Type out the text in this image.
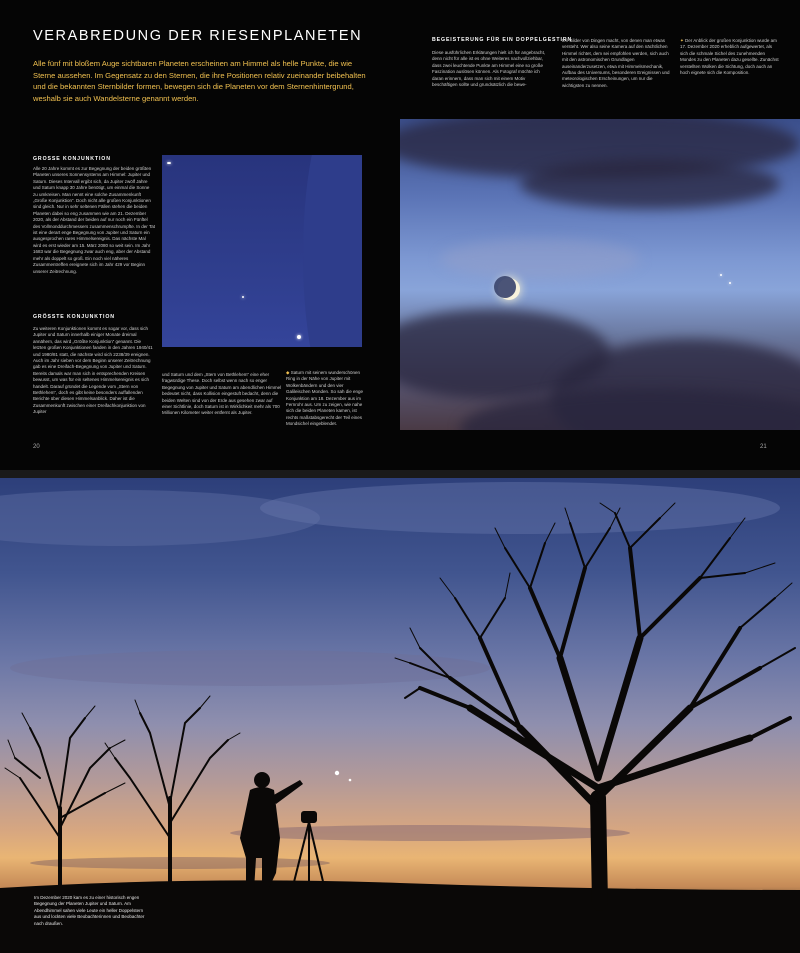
VERABREDUNG DER RIESENPLANETEN

Alle fünf mit bloßem Auge sichtbaren Planeten erscheinen am Himmel als helle Punkte, die wie Sterne aussehen. Im Gegensatz zu den Sternen, die ihre Positionen relativ zueinander beibehalten und die bekannten Sternbilder formen, bewegen sich die Planeten vor dem Sternenhintergrund, weshalb sie auch Wandelsterne genannt werden.

GROSSE KONJUNKTION

Alle 20 Jahre kommt es zur Begegnung der beiden größten Planeten unseres Sonnensystems am Himmel: Jupiter und Saturn. Dieses Intervall ergibt sich, da Jupiter zwölf Jahre und Saturn knapp 30 Jahre benötigt, um einmal die Sonne zu umkreisen. Man nennt eine solche Zusammenkunft „Große Konjunktion“. Doch nicht alle großen Konjunktionen sind gleich. Nur in sehr seltenen Fällen stehen die beiden Planeten dabei so eng zusammen wie am 21. Dezember 2020, als der Abstand der beiden auf nur noch ein Fünftel des Vollmonddurchmessers zusammenschrumpfte. In der Tat ist eine derart enge Begegnung von Jupiter und Saturn ein ausgesprochen rares Himmelsereignis. Das nächste Mal wird es erst wieder am 15. März 2080 so weit sein. Im Jahr 1683 war die Begegnung zwar auch eng, aber der Abstand mehr als doppelt so groß. Ein noch viel näheres Zusammentreffen ereignete sich im Jahr 429 vor Beginn unserer Zeitrechnung.

GRÖSSTE KONJUNKTION

Zu weiteren Konjunktionen kommt es sogar vor, dass sich Jupiter und Saturn innerhalb einiger Monate dreimal annähern, das wird „Größte Konjunktion“ genannt. Die letzten großen Konjunktionen fanden in den Jahren 1940/41 und 1980/81 statt, die nächste wird sich 2238/39 ereignen. Auch im Jahr sieben vor dem Beginn unserer Zeitrechnung gab es eine Dreifach-Begegnung von Jupiter und Saturn. Bereits damals war man sich in entsprechenden Kreisen bewusst, um was für ein seltenes Himmelsereignis es sich handelt. Darauf gründet die Legende vom „Stern von Bethlehem“, doch es gibt keine besonders auffallenden Berichte über diesen Himmelsanblick. Daher ist die Zusammenkunft zwischen einer Dreifachkonjunktion von Jupiter

und Saturn und dem „Stern von Bethlehem“ eine eher fragwürdige These. Doch selbst wenn nach so enger Begegnung von Jupiter und Saturn am abendlichen Himmel bedeutet nicht, dass Kollision eingestuft bedacht, denn die beiden Welten sind von der Erde aus gesehen zwar auf einer Sichtlinie, doch Saturn ist in Wirklichkeit mehr als 700 Millionen Kilometer weiter entfernt als Jupiter.

◆ Saturn mit seinem wunderschönen Ring in der Nähe von Jupiter mit Wolkenbändern und den vier Galileischen Monden. So sah die enge Konjunktion am 18. Dezember aus im Fernrohr aus. Um zu zeigen, wie nahe sich die beiden Planeten kamen, ist rechts maßstabsgerecht der Teil eines Mondsichel eingeblendet.

BEGEISTERUNG FÜR EIN DOPPELGESTIRN

Diese ausführlichen Erklärungen hielt ich für angebracht, denn nicht für alle ist es ohne Weiteres nachvollziehbar, dass zwei leuchtende Punkte am Himmel eine so große Faszination auslösen können. Als Fotograf möchte ich daran erinnern, dass man sich mit einem Motiv beschäftigen sollte und grundsätzlich die bewe-

ten Bilder von Dingen macht, von denen man etwas versteht. Wer also seine Kamera auf den nächtlichen Himmel richtet, dem sei empfohlen werden, sich auch mit den astronomischen Grundlagen auseinanderzusetzen, etwa mit Himmelsmechanik, Aufbau des Universums, besonderen Ereignissen und meteorologischen Erscheinungen, um nur die wichtigsten zu nennen.

✦ Der Anblick der großen Konjunktion wurde am 17. Dezember 2020 erheblich aufgewertet, als sich die schmale Sichel des zunehmenden Mondes zu den Planeten dazu gesellte. Zunächst verstellten Wolken die Sichtung, doch auch an hoch eignete sich die Komposition.

20	21

Im Dezember 2020 kam es zu einer historisch engen Begegnung der Planeten Jupiter und Saturn. Am Abendhimmel sahen viele Leute ein heller Doppelstern aus und lockten viele Beobachterinnen und Beobachter nach draußen.
